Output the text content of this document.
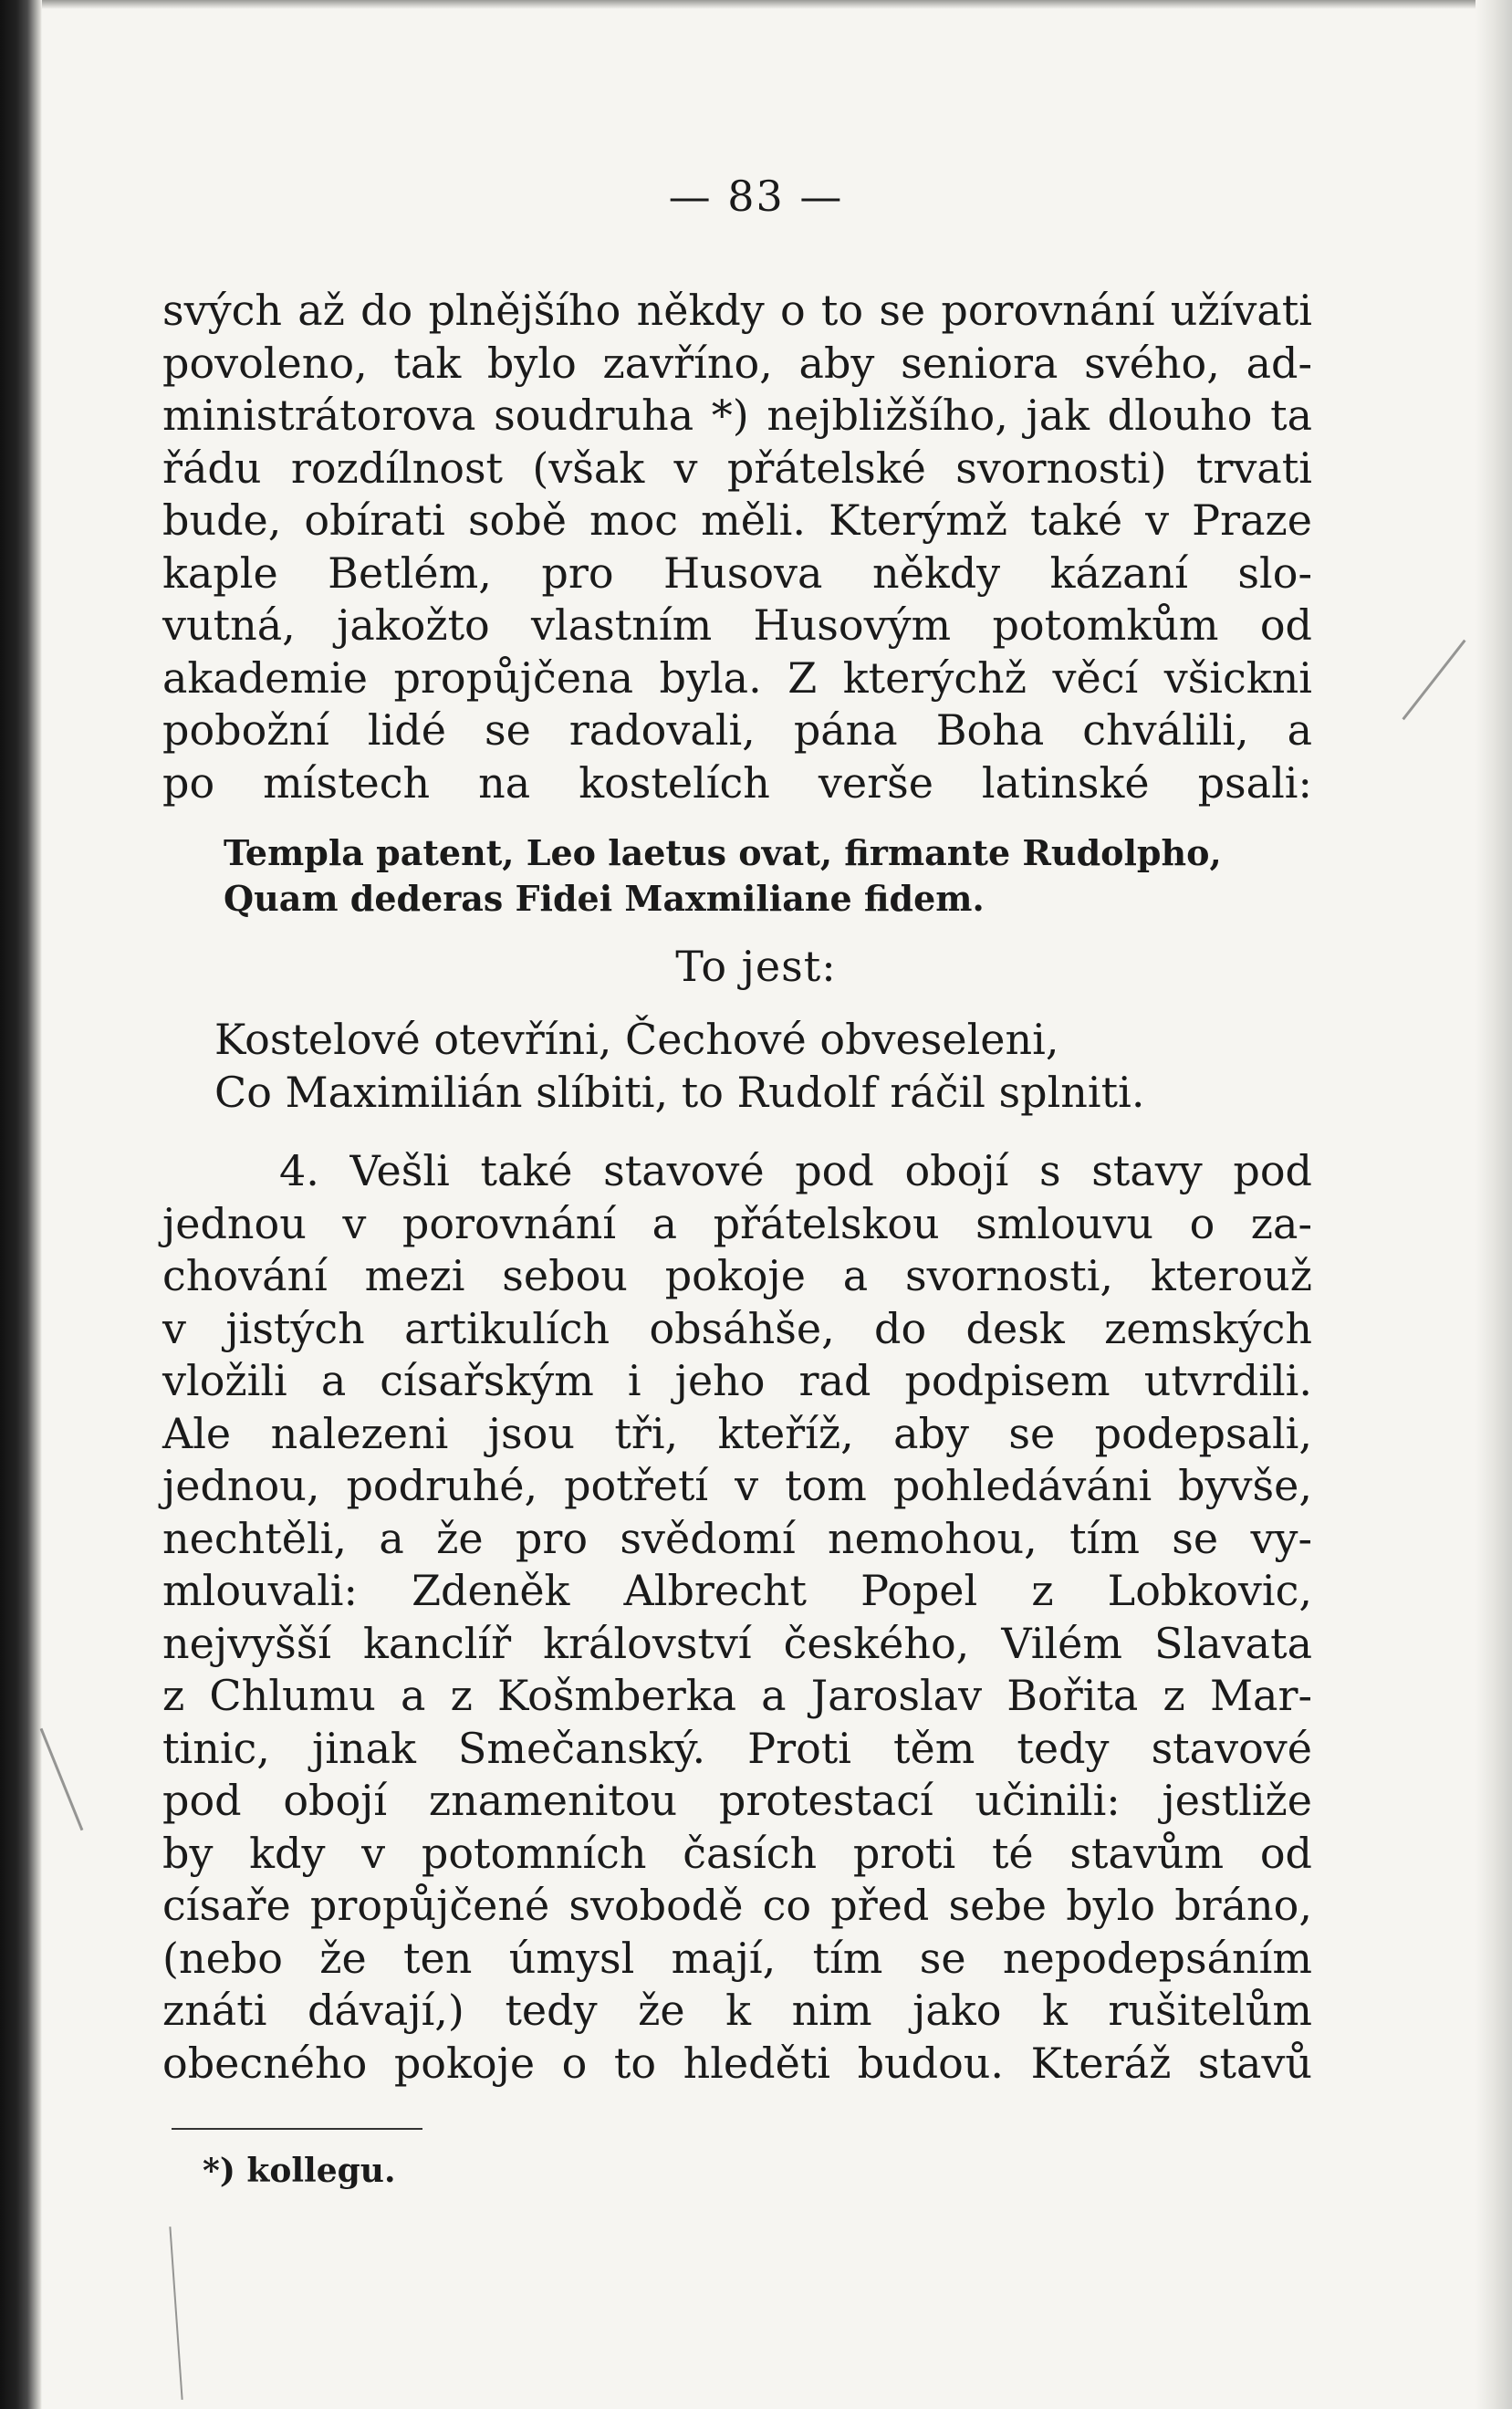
— 83 —
svých až do plnějšího někdy o to se porovnání užívati
povoleno, tak bylo zavříno, aby seniora svého, ad-
ministrátorova soudruha *) nejbližšího, jak dlouho ta
řádu rozdílnost (však v přátelské svornosti) trvati
bude, obírati sobě moc měli. Kterýmž také v Praze
kaple Betlém, pro Husova někdy kázaní slo-
vutná, jakožto vlastním Husovým potomkům od
akademie propůjčena byla. Z kterýchž věcí všickni
pobožní lidé se radovali, pána Boha chválili, a
po místech na kostelích verše latinské psali:
Templa patent, Leo laetus ovat, firmante Rudolpho,
Quam dederas Fidei Maxmiliane fidem.
To jest:
Kostelové otevříni, Čechové obveseleni,
Co Maximilián slíbiti, to Rudolf ráčil splniti.
4. Vešli také stavové pod obojí s stavy pod
jednou v porovnání a přátelskou smlouvu o za-
chování mezi sebou pokoje a svornosti, kterouž
v jistých artikulích obsáhše, do desk zemských
vložili a císařským i jeho rad podpisem utvrdili.
Ale nalezeni jsou tři, kteříž, aby se podepsali,
jednou, podruhé, potřetí v tom pohledáváni byvše,
nechtěli, a že pro svědomí nemohou, tím se vy-
mlouvali: Zdeněk Albrecht Popel z Lobkovic,
nejvyšší kanclíř království českého, Vilém Slavata
z Chlumu a z Košmberka a Jaroslav Bořita z Mar-
tinic, jinak Smečanský. Proti těm tedy stavové
pod obojí znamenitou protestací učinili: jestliže
by kdy v potomních časích proti té stavům od
císaře propůjčené svobodě co před sebe bylo bráno,
(nebo že ten úmysl mají, tím se nepodepsáním
znáti dávají,) tedy že k nim jako k rušitelům
obecného pokoje o to hleděti budou. Kteráž stavů
*) kollegu.
